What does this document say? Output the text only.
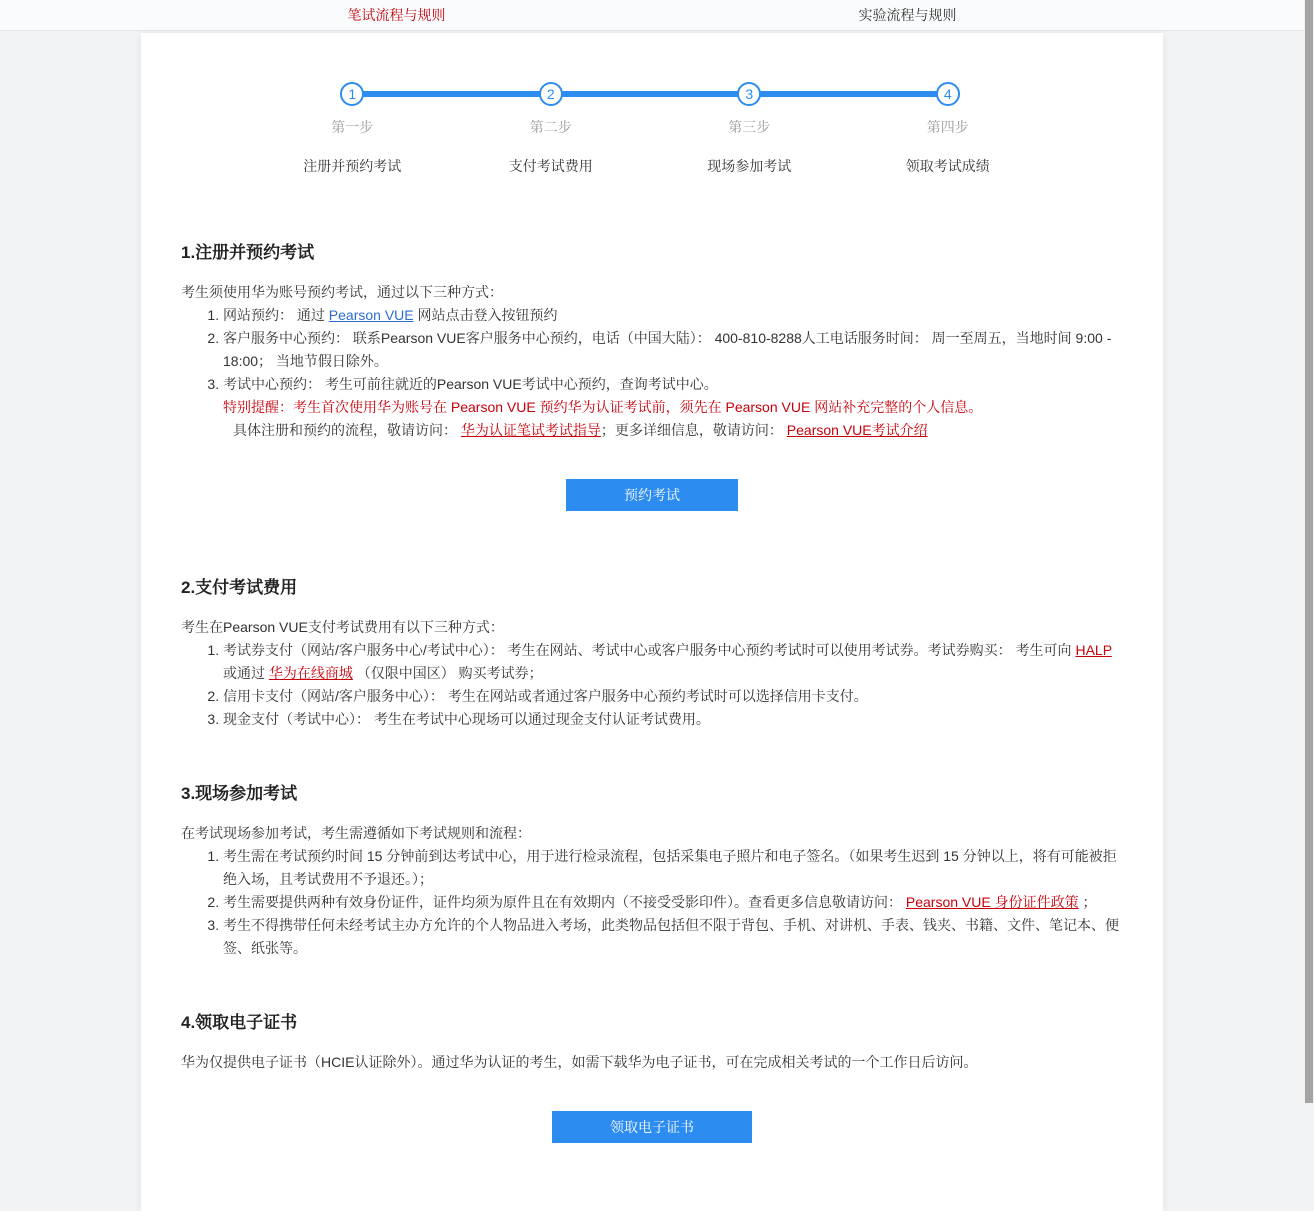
笔试流程与规则	实验流程与规则
1
第一步
注册并预约考试
2
第二步
支付考试费用
3
第三步
现场参加考试
4
第四步
领取考试成绩
1.注册并预约考试
考生须使用华为账号预约考试，通过以下三种方式：
1. 网站预约： 通过 Pearson VUE 网站点击登入按钮预约
2. 客户服务中心预约： 联系Pearson VUE客户服务中心预约，电话（中国大陆）： 400-810-8288人工电话服务时间： 周一至周五，当地时间 9:00 - 18:00； 当地节假日除外。
3. 考试中心预约： 考生可前往就近的Pearson VUE考试中心预约，查询考试中心。
特别提醒：考生首次使用华为账号在 Pearson VUE 预约华为认证考试前，须先在 Pearson VUE 网站补充完整的个人信息。
具体注册和预约的流程，敬请访问： 华为认证笔试考试指导；更多详细信息，敬请访问： Pearson VUE考试介绍
预约考试
2.支付考试费用
考生在Pearson VUE支付考试费用有以下三种方式：
1. 考试券支付（网站/客户服务中心/考试中心）： 考生在网站、考试中心或客户服务中心预约考试时可以使用考试券。考试券购买： 考生可向 HALP 或通过 华为在线商城 （仅限中国区） 购买考试券；
2. 信用卡支付（网站/客户服务中心）： 考生在网站或者通过客户服务中心预约考试时可以选择信用卡支付。
3. 现金支付（考试中心）： 考生在考试中心现场可以通过现金支付认证考试费用。
3.现场参加考试
在考试现场参加考试，考生需遵循如下考试规则和流程：
1. 考生需在考试预约时间 15 分钟前到达考试中心，用于进行检录流程，包括采集电子照片和电子签名。（如果考生迟到 15 分钟以上，将有可能被拒绝入场，且考试费用不予退还。）；
2. 考生需要提供两种有效身份证件，证件均须为原件且在有效期内（不接受受影印件）。查看更多信息敬请访问： Pearson VUE 身份证件政策 ；
3. 考生不得携带任何未经考试主办方允许的个人物品进入考场，此类物品包括但不限于背包、手机、对讲机、手表、钱夹、书籍、文件、笔记本、便签、纸张等。
4.领取电子证书
华为仅提供电子证书（HCIE认证除外）。通过华为认证的考生，如需下载华为电子证书，可在完成相关考试的一个工作日后访问。
领取电子证书
